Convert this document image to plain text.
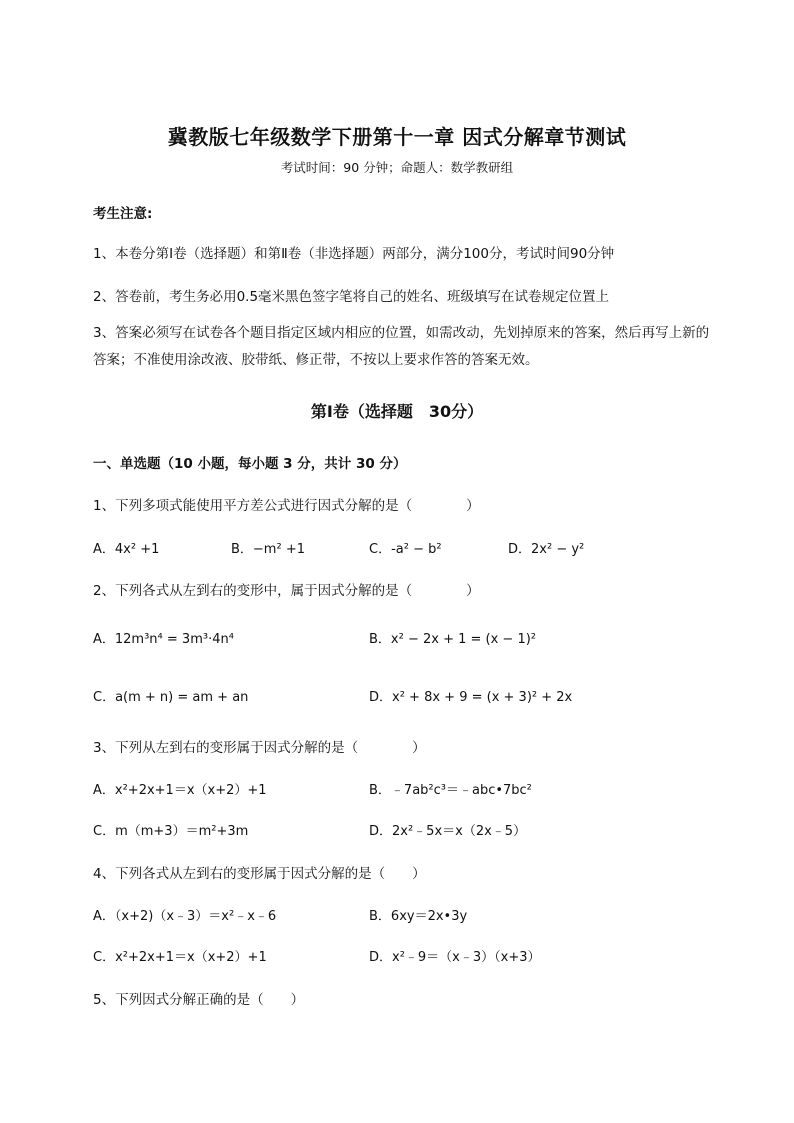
冀教版七年级数学下册第十一章 因式分解章节测试
考试时间：90 分钟；命题人：数学教研组
考生注意:
1、本卷分第Ⅰ卷（选择题）和第Ⅱ卷（非选择题）两部分，满分100分，考试时间90分钟
2、答卷前，考生务必用0.5毫米黑色签字笔将自己的姓名、班级填写在试卷规定位置上
3、答案必须写在试卷各个题目指定区域内相应的位置，如需改动，先划掉原来的答案，然后再写上新的答案；不准使用涂改液、胶带纸、修正带，不按以上要求作答的答案无效。
第Ⅰ卷（选择题　30分）
一、单选题（10 小题，每小题 3 分，共计 30 分）
1、下列多项式能使用平方差公式进行因式分解的是（　　　　）
A．4x² +1	B．−m² +1	C．-a² − b²	D．2x² − y²
2、下列各式从左到右的变形中，属于因式分解的是（　　　　）
A．12m³n⁴ = 3m³·4n⁴	B．x² − 2x + 1 = (x − 1)²
C．a(m + n) = am + an	D．x² + 8x + 9 = (x + 3)² + 2x
3、下列从左到右的变形属于因式分解的是（　　　　）
A．x²+2x+1＝x（x+2）+1	B．﹣7ab²c³＝﹣abc•7bc²
C．m（m+3）＝m²+3m	D．2x²﹣5x＝x（2x﹣5）
4、下列各式从左到右的变形属于因式分解的是（　　）
A．（x+2)（x﹣3）＝x²﹣x﹣6	B．6xy＝2x•3y
C．x²+2x+1＝x（x+2）+1	D．x²﹣9＝（x﹣3）（x+3）
5、下列因式分解正确的是（　　）
